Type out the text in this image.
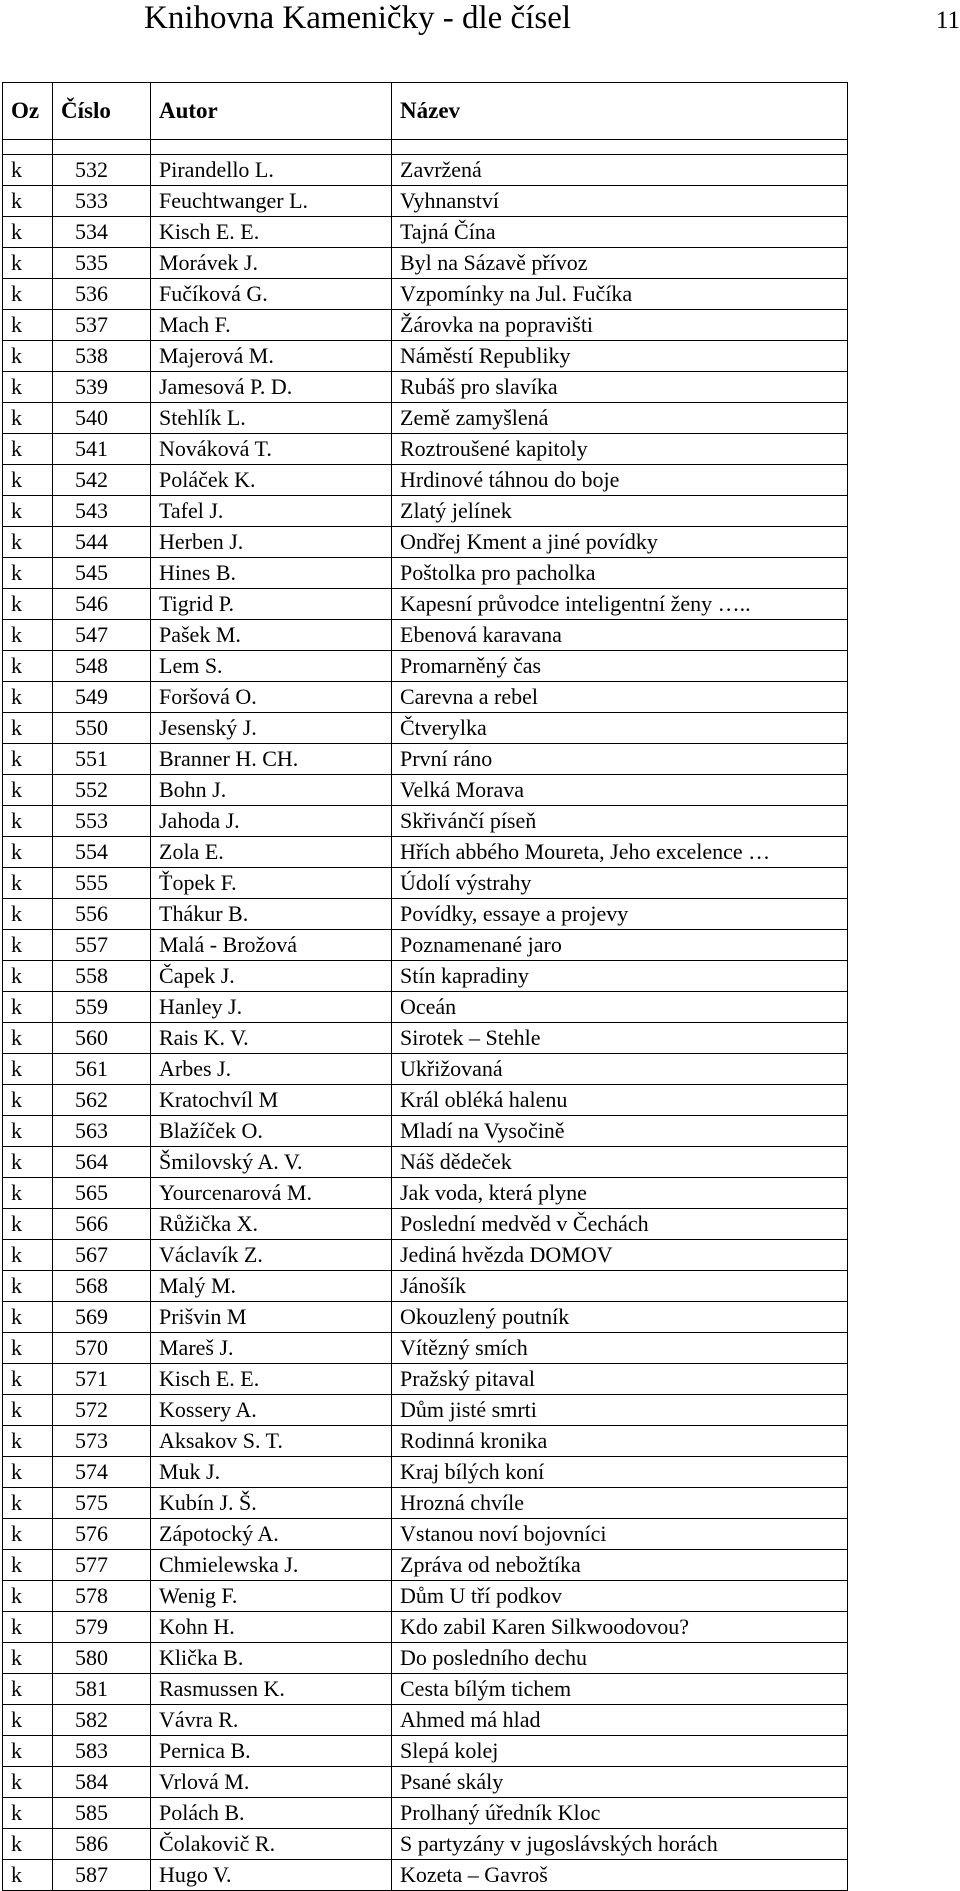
Knihovna Kameničky - dle čísel	11
Oz	Číslo	Autor	Název

k	532	Pirandello L.	Zavržená
k	533	Feuchtwanger L.	Vyhnanství
k	534	Kisch E. E.	Tajná Čína
k	535	Morávek J.	Byl na Sázavě přívoz
k	536	Fučíková G.	Vzpomínky na Jul. Fučíka
k	537	Mach F.	Žárovka na popravišti
k	538	Majerová M.	Náměstí Republiky
k	539	Jamesová P. D.	Rubáš pro slavíka
k	540	Stehlík L.	Země zamyšlená
k	541	Nováková T.	Roztroušené kapitoly
k	542	Poláček K.	Hrdinové táhnou do boje
k	543	Tafel J.	Zlatý jelínek
k	544	Herben J.	Ondřej Kment a jiné povídky
k	545	Hines B.	Poštolka pro pacholka
k	546	Tigrid P.	Kapesní průvodce inteligentní ženy …..
k	547	Pašek M.	Ebenová karavana
k	548	Lem S.	Promarněný čas
k	549	Foršová O.	Carevna a rebel
k	550	Jesenský J.	Čtverylka
k	551	Branner H. CH.	První ráno
k	552	Bohn J.	Velká Morava
k	553	Jahoda J.	Skřivánčí píseň
k	554	Zola E.	Hřích abbého Moureta, Jeho excelence …
k	555	Ťopek F.	Údolí výstrahy
k	556	Thákur B.	Povídky, essaye a projevy
k	557	Malá - Brožová	Poznamenané jaro
k	558	Čapek J.	Stín kapradiny
k	559	Hanley J.	Oceán
k	560	Rais K. V.	Sirotek – Stehle
k	561	Arbes J.	Ukřižovaná
k	562	Kratochvíl M	Král obléká halenu
k	563	Blažíček O.	Mladí na Vysočině
k	564	Šmilovský A. V.	Náš dědeček
k	565	Yourcenarová M.	Jak voda, která plyne
k	566	Růžička X.	Poslední medvěd v Čechách
k	567	Václavík Z.	Jediná hvězda DOMOV
k	568	Malý M.	Jánošík
k	569	Prišvin M	Okouzlený poutník
k	570	Mareš J.	Vítězný smích
k	571	Kisch E. E.	Pražský pitaval
k	572	Kossery A.	Dům jisté smrti
k	573	Aksakov S. T.	Rodinná kronika
k	574	Muk J.	Kraj bílých koní
k	575	Kubín J. Š.	Hrozná chvíle
k	576	Zápotocký A.	Vstanou noví bojovníci
k	577	Chmielewska J.	Zpráva od nebožtíka
k	578	Wenig F.	Dům U tří podkov
k	579	Kohn H.	Kdo zabil Karen Silkwoodovou?
k	580	Klička B.	Do posledního dechu
k	581	Rasmussen K.	Cesta bílým tichem
k	582	Vávra R.	Ahmed má hlad
k	583	Pernica B.	Slepá kolej
k	584	Vrlová M.	Psané skály
k	585	Polách B.	Prolhaný úředník Kloc
k	586	Čolakovič R.	S partyzány v jugoslávských horách
k	587	Hugo V.	Kozeta – Gavroš
